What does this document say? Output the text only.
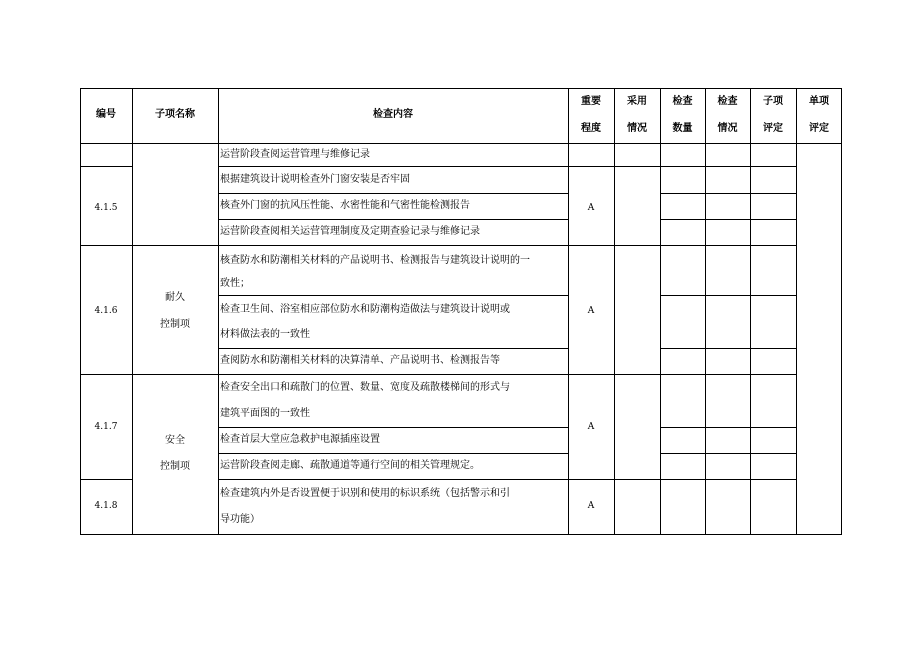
编号	子项名称	检查内容
重要
程度
采用
情况
检查
数量
检查
情况
子项
评定
单项
评定
运营阶段查阅运营管理与维修记录
4.1.5
根据建筑设计说明检查外门窗安装是否牢固
核查外门窗的抗风压性能、水密性能和气密性能检测报告
运营阶段查阅相关运营管理制度及定期查验记录与维修记录
A
4.1.6
耐久
控制项
核查防水和防潮相关材料的产品说明书、检测报告与建筑设计说明的一
致性；
检查卫生间、浴室相应部位防水和防潮构造做法与建筑设计说明或
材料做法表的一致性
查阅防水和防潮相关材料的决算清单、产品说明书、检测报告等
A
4.1.7
安全
控制项
检查安全出口和疏散门的位置、数量、宽度及疏散楼梯间的形式与
建筑平面图的一致性
检查首层大堂应急救护电源插座设置
运营阶段查阅走廊、疏散通道等通行空间的相关管理规定。
A
4.1.8
检查建筑内外是否设置便于识别和使用的标识系统（包括警示和引
导功能）
A
